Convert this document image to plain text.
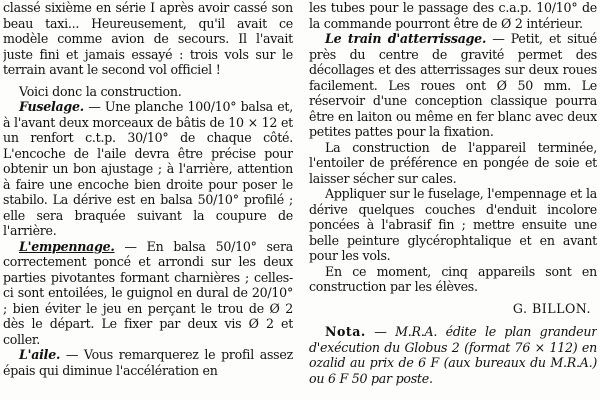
classé sixième en série I après avoir cassé son beau taxi... Heureusement, qu'il avait ce modèle comme avion de secours. Il l'avait juste fini et jamais essayé : trois vols sur le terrain avant le second vol officiel !

Voici donc la construction.

Fuselage. — Une planche 100/10° balsa et, à l'avant deux morceaux de bâtis de 10 × 12 et un renfort c.t.p. 30/10° de chaque côté. L'encoche de l'aile devra être précise pour obtenir un bon ajustage ; à l'arrière, attention à faire une encoche bien droite pour poser le stabilo. La dérive est en balsa 50/10° profilé ; elle sera braquée suivant la coupure de l'arrière.

L'empennage. — En balsa 50/10° sera correctement poncé et arrondi sur les deux parties pivotantes formant charnières ; celles-ci sont entoilées, le guignol en dural de 20/10° ; bien éviter le jeu en perçant le trou de Ø 2 dès le départ. Le fixer par deux vis Ø 2 et coller.

L'aile. — Vous remarquerez le profil assez épais qui diminue l'accélération en

les tubes pour le passage des c.a.p. 10/10° de la commande pourront être de Ø 2 intérieur.

Le train d'atterrissage. — Petit, et situé près du centre de gravité permet des décollages et des atterrissages sur deux roues facilement. Les roues ont Ø 50 mm. Le réservoir d'une conception classique pourra être en laiton ou même en fer blanc avec deux petites pattes pour la fixation.

La construction de l'appareil terminée, l'entoiler de préférence en pongée de soie et laisser sécher sur cales.

Appliquer sur le fuselage, l'empennage et la dérive quelques couches d'enduit incolore poncées à l'abrasif fin ; mettre ensuite une belle peinture glycérophtalique et en avant pour les vols.

En ce moment, cinq appareils sont en construction par les élèves.

G. BILLON.

Nota. — M.R.A. édite le plan grandeur d'exécution du Globus 2 (format 76 × 112) en ozalid au prix de 6 F (aux bureaux du M.R.A.) ou 6 F 50 par poste.
